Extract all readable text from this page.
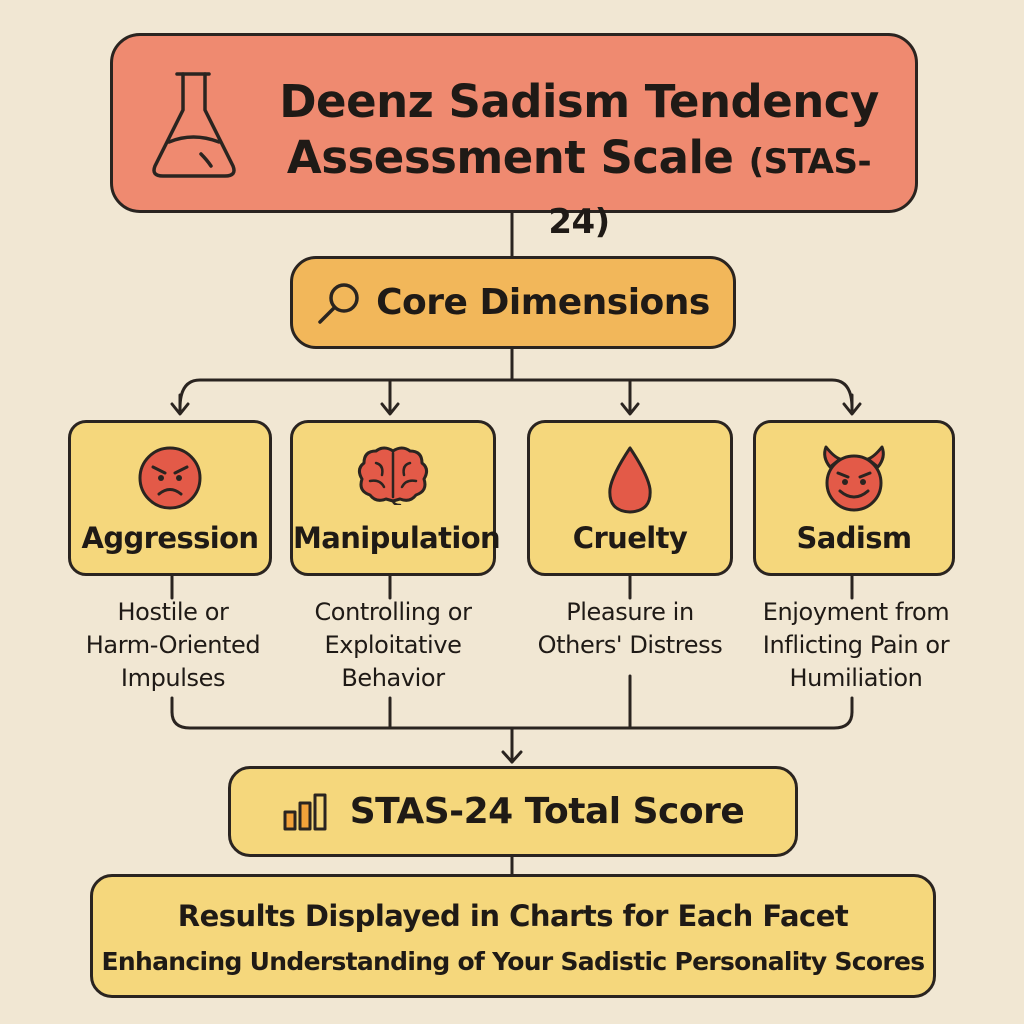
Deenz Sadism Tendency
Assessment Scale (STAS-24)
Core Dimensions
Aggression	Manipulation	Cruelty	Sadism
Hostile or
Harm-Oriented
Impulses
Controlling or
Exploitative
Behavior
Pleasure in
Others' Distress
Enjoyment from
Inflicting Pain or
Humiliation
STAS-24 Total Score
Results Displayed in Charts for Each Facet
Enhancing Understanding of Your Sadistic Personality Scores
